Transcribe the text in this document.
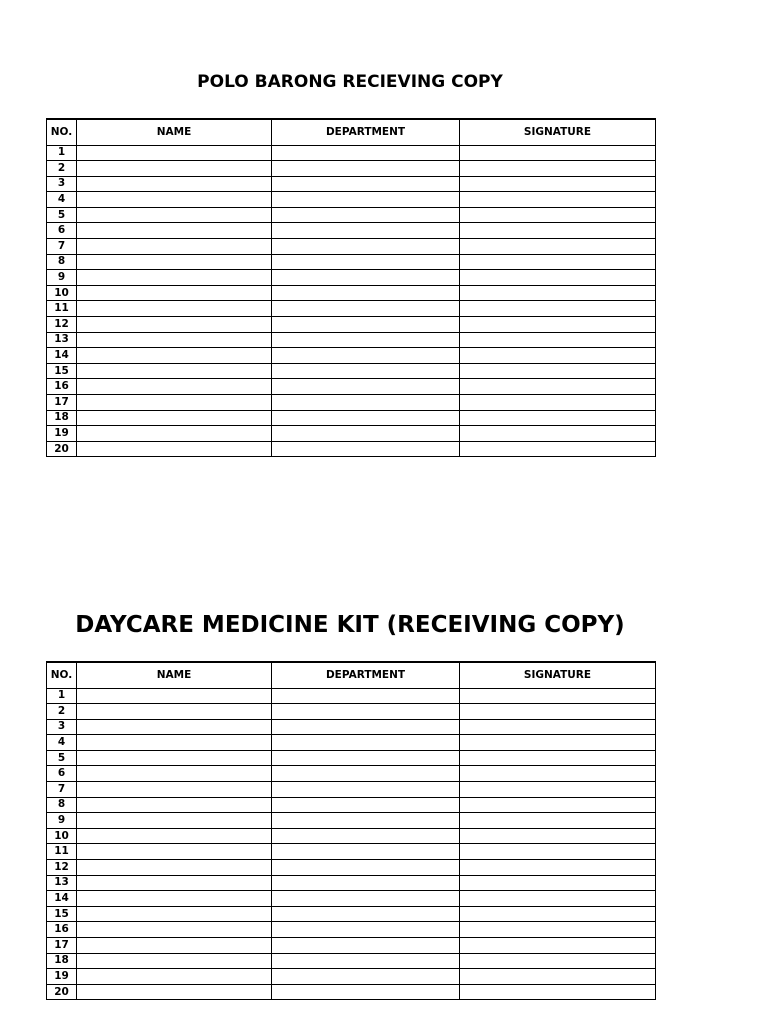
POLO BARONG RECIEVING COPY
NO.	NAME	DEPARTMENT	SIGNATURE
1			
2			
3			
4			
5			
6			
7			
8			
9			
10			
11			
12			
13			
14			
15			
16			
17			
18			
19			
20			
DAYCARE MEDICINE KIT (RECEIVING COPY)
NO.	NAME	DEPARTMENT	SIGNATURE
1			
2			
3			
4			
5			
6			
7			
8			
9			
10			
11			
12			
13			
14			
15			
16			
17			
18			
19			
20			
